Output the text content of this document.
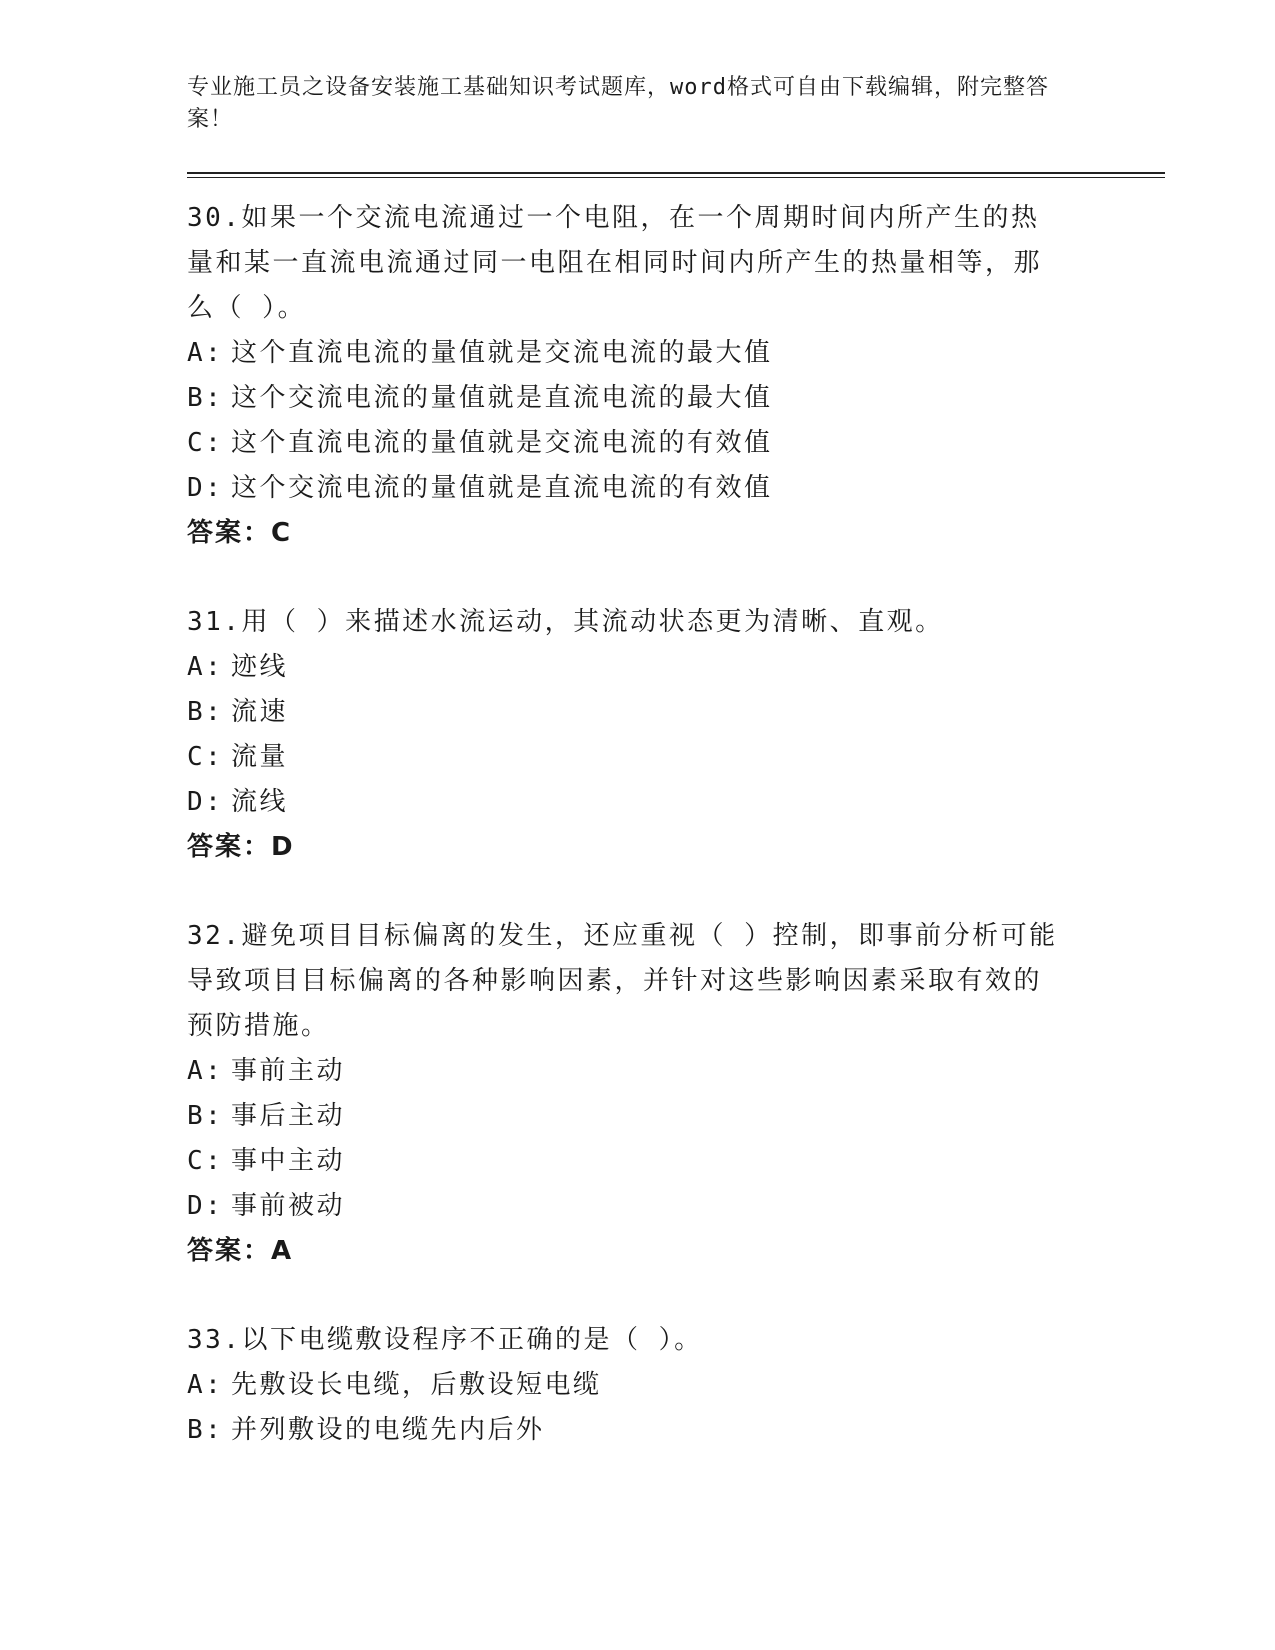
专业施工员之设备安装施工基础知识考试题库，word格式可自由下载编辑，附完整答案！

30.如果一个交流电流通过一个电阻，在一个周期时间内所产生的热量和某一直流电流通过同一电阻在相同时间内所产生的热量相等，那么（ ）。

A: 这个直流电流的量值就是交流电流的最大值

B: 这个交流电流的量值就是直流电流的最大值

C: 这个直流电流的量值就是交流电流的有效值

D: 这个交流电流的量值就是直流电流的有效值

答案：C

31.用（ ）来描述水流运动，其流动状态更为清晰、直观。

A: 迹线

B: 流速

C: 流量

D: 流线

答案：D

32.避免项目目标偏离的发生，还应重视（ ）控制，即事前分析可能导致项目目标偏离的各种影响因素，并针对这些影响因素采取有效的预防措施。

A: 事前主动

B: 事后主动

C: 事中主动

D: 事前被动

答案：A

33.以下电缆敷设程序不正确的是（ ）。

A: 先敷设长电缆，后敷设短电缆

B: 并列敷设的电缆先内后外
